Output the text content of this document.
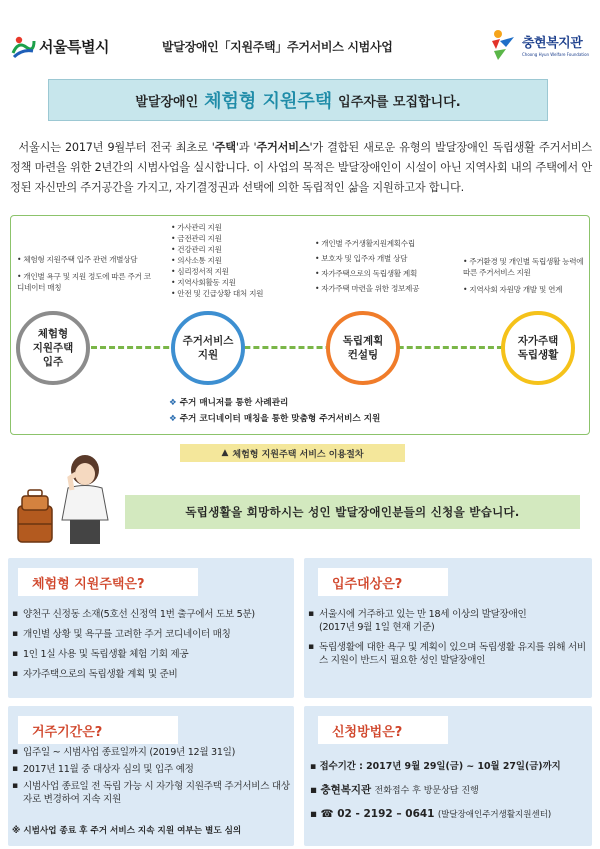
서울특별시	발달장애인「지원주택」주거서비스 시범사업	충현복지관
Choong Hyun Welfare Foundation
발달장애인 체험형 지원주택 입주자를 모집합니다.
서울시는 2017년 9월부터 전국 최초로 '주택'과 '주거서비스'가 결합된 새로운 유형의 발달장애인 독립생활 주거서비스 정책 마련을 위한 2년간의 시범사업을 실시합니다. 이 사업의 목적은 발달장애인이 시설이 아닌 지역사회 내의 주택에서 안정된 자신만의 주거공간을 가지고, 자기결정권과 선택에 의한 독립적인 삶을 지원하고자 합니다.
• 체험형 지원주택 입주 관련 개별상담
• 개인별 욕구 및 지원 정도에 따른 주거 코디네이터 매칭
• 가사관리 지원
• 금전관리 지원
• 건강관리 지원
• 의사소통 지원
• 심리정서적 지원
• 지역사회활동 지원
• 안전 및 긴급상황 대처 지원
• 개인별 주거생활지원계획수립
• 보호자 및 입주자 개별 상담
• 자가주택으로의 독립생활 계획
• 자가주택 마련을 위한 정보제공
• 주거환경 및 개인별 독립생활 능력에 따른 주거서비스 지원
• 지역사회 자원망 개발 및 연계
체험형
지원주택
입주
주거서비스
지원
독립계획
컨설팅
자가주택
독립생활
❖ 주거 매니저를 통한 사례관리
❖ 주거 코디네이터 매칭을 통한 맞춤형 주거서비스 지원
▲ 체험형 지원주택 서비스 이용절차
독립생활을 희망하시는 성인 발달장애인분들의 신청을 받습니다.
체험형 지원주택은?
▪ 양천구 신정동 소재(5호선 신정역 1번 출구에서 도보 5분)
▪ 개인별 상황 및 욕구를 고려한 주거 코디네이터 매칭
▪ 1인 1실 사용 및 독립생활 체험 기회 제공
▪ 자가주택으로의 독립생활 계획 및 준비
입주대상은?
▪ 서울시에 거주하고 있는 만 18세 이상의 발달장애인
(2017년 9월 1일 현재 기준)
▪ 독립생활에 대한 욕구 및 계획이 있으며 독립생활 유지를 위해 서비스 지원이 반드시 필요한 성인 발달장애인
거주기간은?
▪ 입주일 ~ 시범사업 종료일까지 (2019년 12월 31일)
▪ 2017년 11월 중 대상자 심의 및 입주 예정
▪ 시범사업 종료일 전 독립 가능 시 자가형 지원주택 주거서비스 대상자로 변경하여 지속 지원
※ 시범사업 종료 후 주거 서비스 지속 지원 여부는 별도 심의
신청방법은?
▪ 접수기간 : 2017년 9월 29일(금) ~ 10월 27일(금)까지
▪ 충현복지관 전화접수 후 방문상담 진행
▪ ☎ 02 - 2192 – 0641 (발달장애인주거생활지원센터)
